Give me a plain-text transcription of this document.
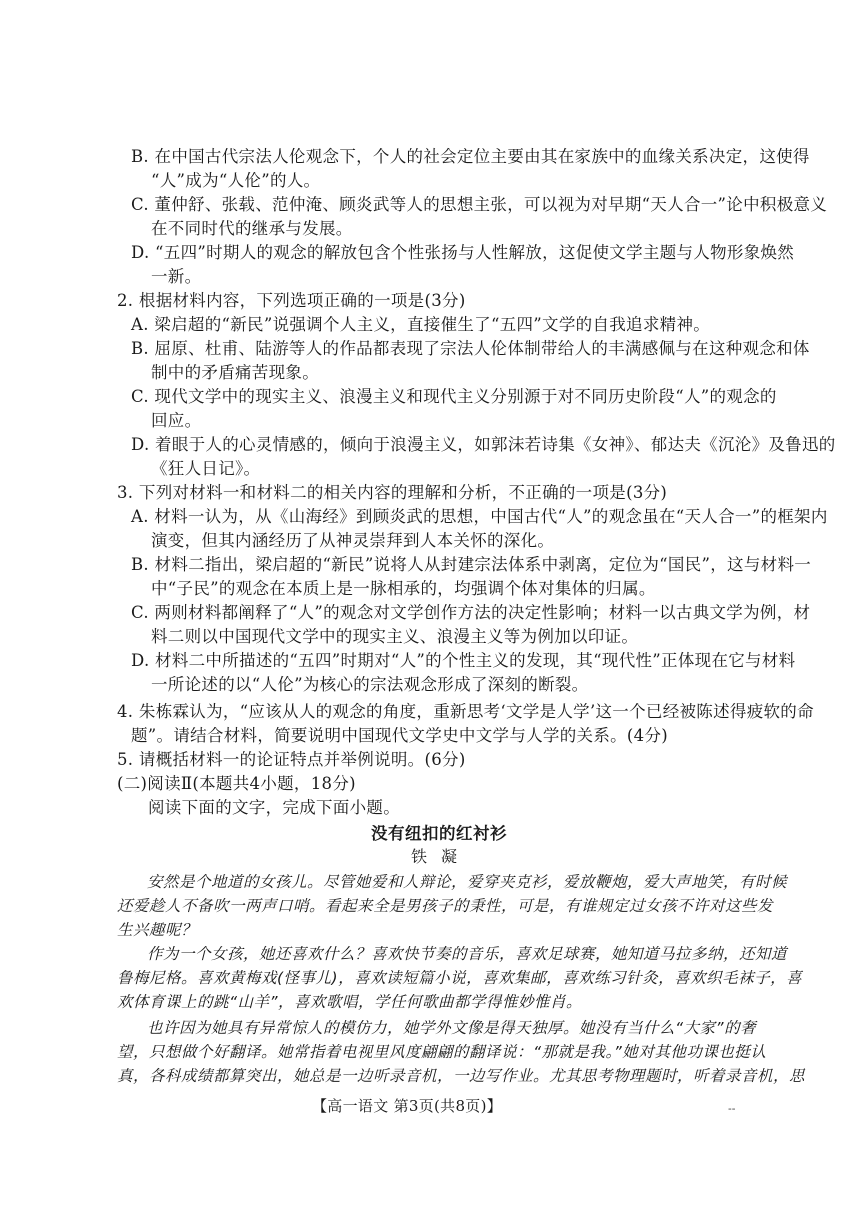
B. 在中国古代宗法人伦观念下，个人的社会定位主要由其在家族中的血缘关系决定，这使得
“人”成为“人伦”的人。
C. 董仲舒、张载、范仲淹、顾炎武等人的思想主张，可以视为对早期“天人合一”论中积极意义
在不同时代的继承与发展。
D. “五四”时期人的观念的解放包含个性张扬与人性解放，这促使文学主题与人物形象焕然
一新。
2. 根据材料内容，下列选项正确的一项是(3分)
A. 梁启超的“新民”说强调个人主义，直接催生了“五四”文学的自我追求精神。
B. 屈原、杜甫、陆游等人的作品都表现了宗法人伦体制带给人的丰满感佩与在这种观念和体
制中的矛盾痛苦现象。
C. 现代文学中的现实主义、浪漫主义和现代主义分别源于对不同历史阶段“人”的观念的
回应。
D. 着眼于人的心灵情感的，倾向于浪漫主义，如郭沫若诗集《女神》、郁达夫《沉沦》及鲁迅的
《狂人日记》。
3. 下列对材料一和材料二的相关内容的理解和分析，不正确的一项是(3分)
A. 材料一认为，从《山海经》到顾炎武的思想，中国古代“人”的观念虽在“天人合一”的框架内
演变，但其内涵经历了从神灵崇拜到人本关怀的深化。
B. 材料二指出，梁启超的“新民”说将人从封建宗法体系中剥离，定位为“国民”，这与材料一
中“子民”的观念在本质上是一脉相承的，均强调个体对集体的归属。
C. 两则材料都阐释了“人”的观念对文学创作方法的决定性影响；材料一以古典文学为例，材
料二则以中国现代文学中的现实主义、浪漫主义等为例加以印证。
D. 材料二中所描述的“五四”时期对“人”的个性主义的发现，其“现代性”正体现在它与材料
一所论述的以“人伦”为核心的宗法观念形成了深刻的断裂。
4. 朱栋霖认为，“应该从人的观念的角度，重新思考‘文学是人学’这一个已经被陈述得疲软的命
题”。请结合材料，简要说明中国现代文学史中文学与人学的关系。(4分)
5. 请概括材料一的论证特点并举例说明。(6分)
(二)阅读Ⅱ(本题共4小题，18分)
阅读下面的文字，完成下面小题。
没有纽扣的红衬衫
铁凝
安然是个地道的女孩儿。尽管她爱和人辩论，爱穿夹克衫，爱放鞭炮，爱大声地笑，有时候
还爱趁人不备吹一两声口哨。看起来全是男孩子的秉性，可是，有谁规定过女孩不许对这些发
生兴趣呢？
作为一个女孩，她还喜欢什么？喜欢快节奏的音乐，喜欢足球赛，她知道马拉多纳，还知道
鲁梅尼格。喜欢黄梅戏(怪事儿)，喜欢读短篇小说，喜欢集邮，喜欢练习针灸，喜欢织毛袜子，喜
欢体育课上的跳“山羊”，喜欢歌唱，学任何歌曲都学得惟妙惟肖。
也许因为她具有异常惊人的模仿力，她学外文像是得天独厚。她没有当什么“大家”的奢
望，只想做个好翻译。她常指着电视里风度翩翩的翻译说：“那就是我。”她对其他功课也挺认
真，各科成绩都算突出，她总是一边听录音机，一边写作业。尤其思考物理题时，听着录音机，思
【高一语文 第3页(共8页)】	--
